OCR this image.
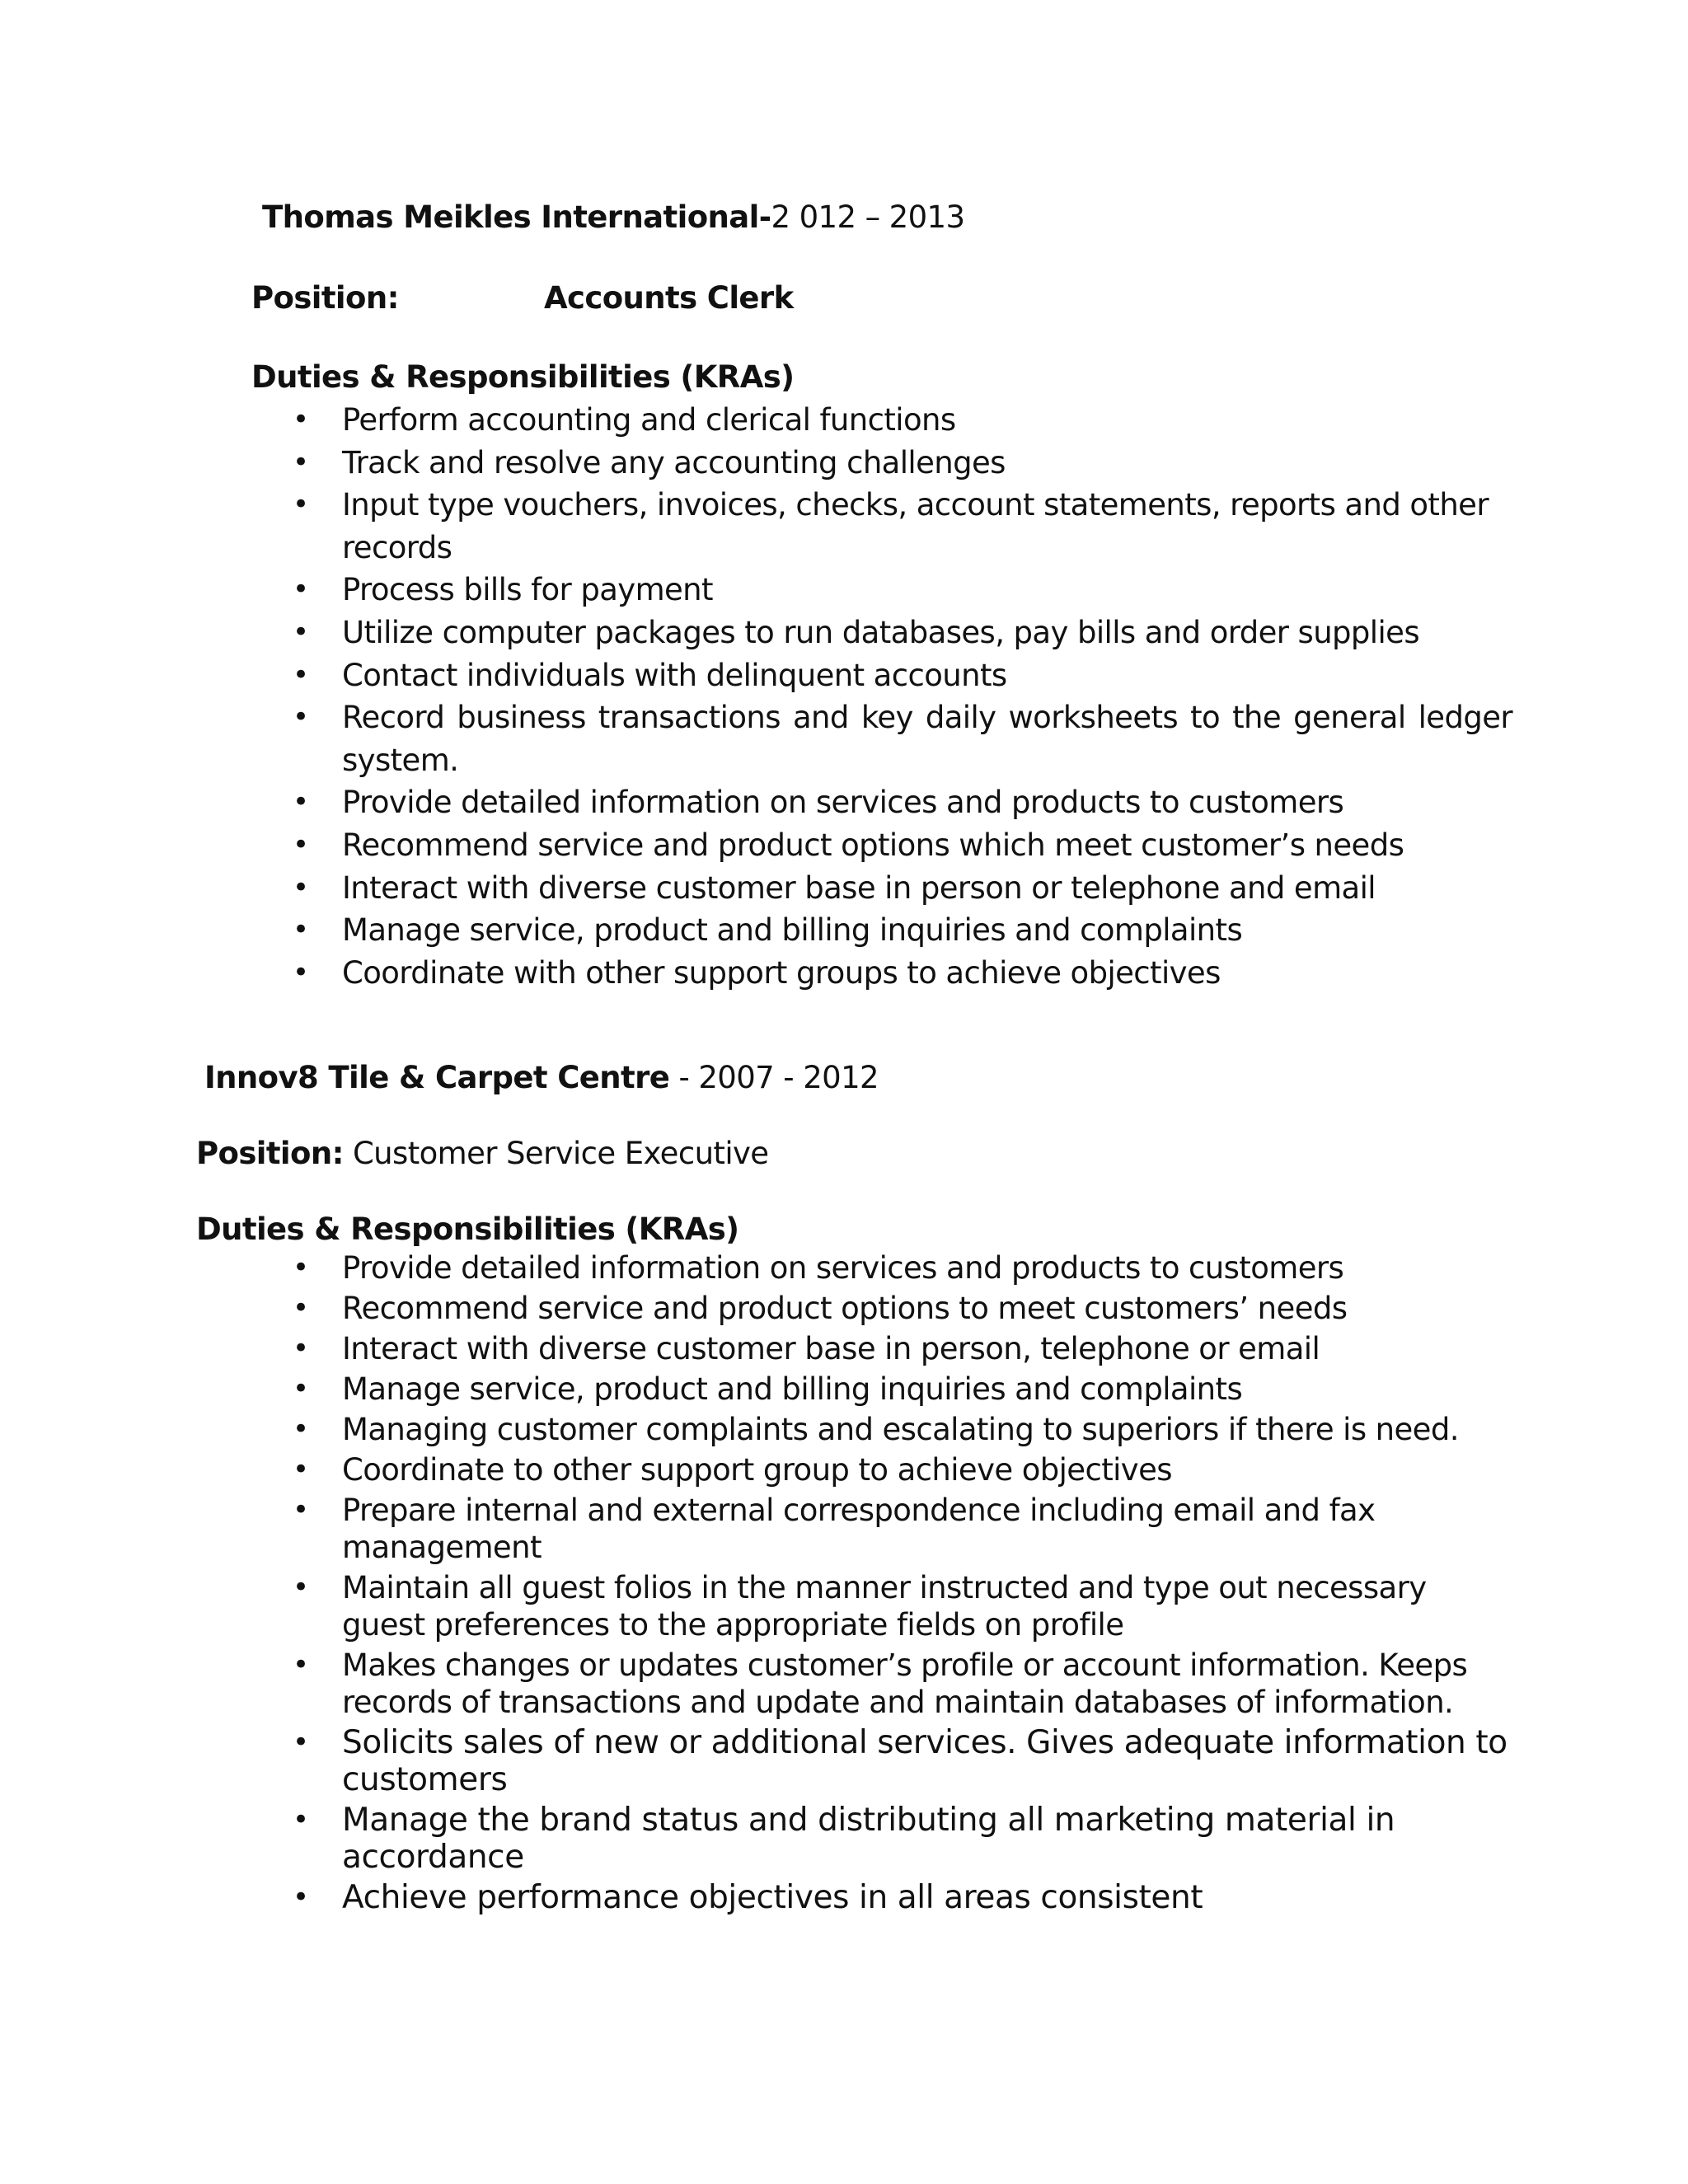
Thomas Meikles International-2 012 – 2013
Position:	Accounts Clerk
Duties & Responsibilities (KRAs)
• Perform accounting and clerical functions
• Track and resolve any accounting challenges
• Input type vouchers, invoices, checks, account statements, reports and other records
• Process bills for payment
• Utilize computer packages to run databases, pay bills and order supplies
• Contact individuals with delinquent accounts
• Record business transactions and key daily worksheets to the general ledger system.
• Provide detailed information on services and products to customers
• Recommend service and product options which meet customer’s needs
• Interact with diverse customer base in person or telephone and email
• Manage service, product and billing inquiries and complaints
• Coordinate with other support groups to achieve objectives
Innov8 Tile & Carpet Centre - 2007 - 2012
Position: Customer Service Executive
Duties & Responsibilities (KRAs)
• Provide detailed information on services and products to customers
• Recommend service and product options to meet customers’ needs
• Interact with diverse customer base in person, telephone or email
• Manage service, product and billing inquiries and complaints
• Managing customer complaints and escalating to superiors if there is need.
• Coordinate to other support group to achieve objectives
• Prepare internal and external correspondence including email and fax management
• Maintain all guest folios in the manner instructed and type out necessary guest preferences to the appropriate fields on profile
• Makes changes or updates customer’s profile or account information. Keeps records of transactions and update and maintain databases of information.
• Solicits sales of new or additional services. Gives adequate information to customers
• Manage the brand status and distributing all marketing material in accordance
• Achieve performance objectives in all areas consistent
